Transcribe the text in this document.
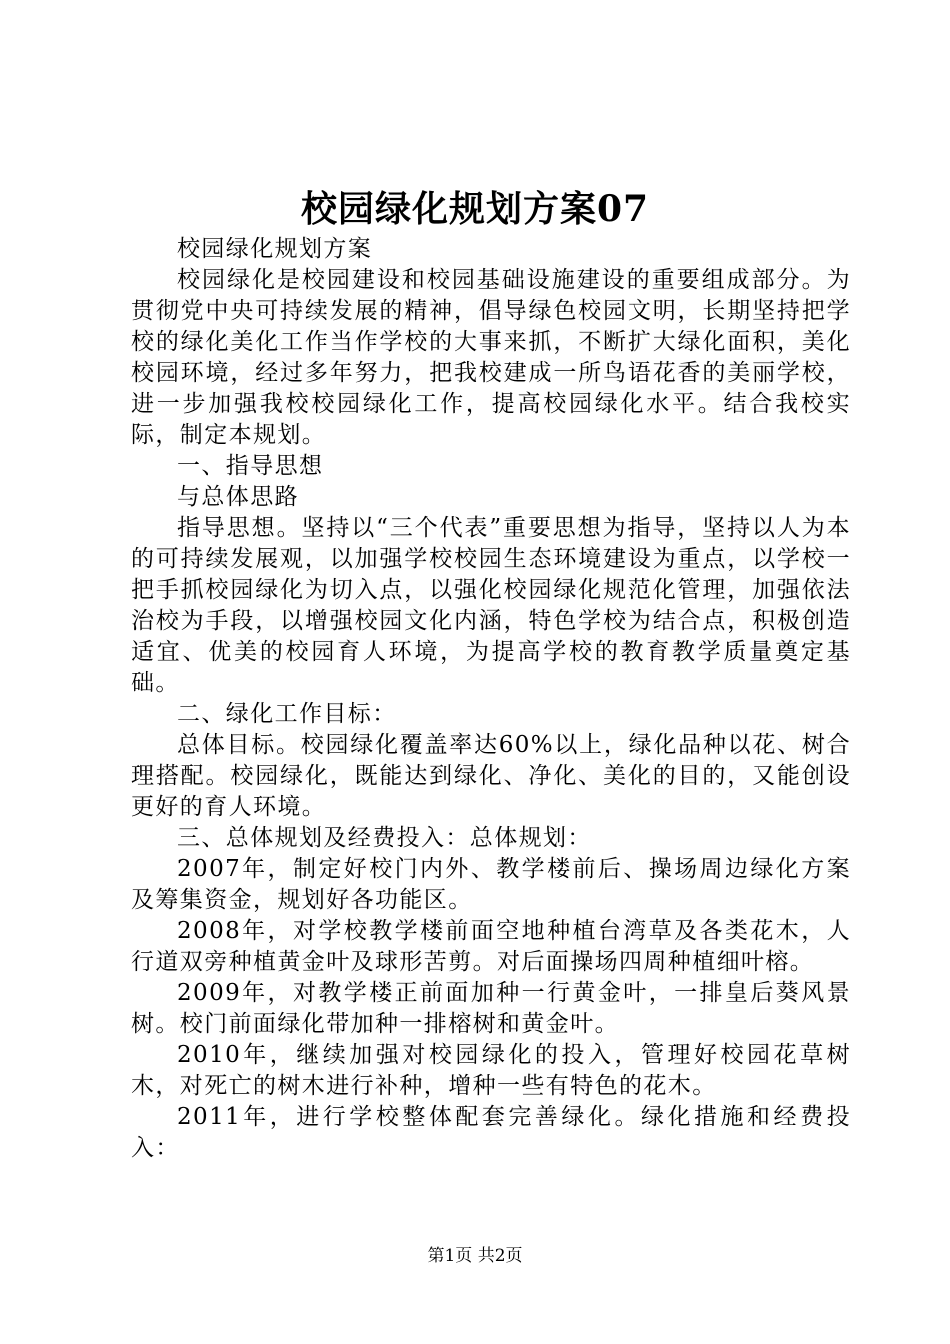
校园绿化规划方案07

校园绿化规划方案

校园绿化是校园建设和校园基础设施建设的重要组成部分。为贯彻党中央可持续发展的精神，倡导绿色校园文明，长期坚持把学校的绿化美化工作当作学校的大事来抓，不断扩大绿化面积，美化校园环境，经过多年努力，把我校建成一所鸟语花香的美丽学校，进一步加强我校校园绿化工作，提高校园绿化水平。结合我校实际，制定本规划。

一、指导思想

与总体思路

指导思想。坚持以“三个代表”重要思想为指导，坚持以人为本的可持续发展观，以加强学校校园生态环境建设为重点，以学校一把手抓校园绿化为切入点，以强化校园绿化规范化管理，加强依法治校为手段，以增强校园文化内涵，特色学校为结合点，积极创造适宜、优美的校园育人环境，为提高学校的教育教学质量奠定基础。

二、绿化工作目标：

总体目标。校园绿化覆盖率达60%以上，绿化品种以花、树合理搭配。校园绿化，既能达到绿化、净化、美化的目的，又能创设更好的育人环境。

三、总体规划及经费投入：总体规划：

2007年，制定好校门内外、教学楼前后、操场周边绿化方案及筹集资金，规划好各功能区。

2008年，对学校教学楼前面空地种植台湾草及各类花木，人行道双旁种植黄金叶及球形苦剪。对后面操场四周种植细叶榕。

2009年，对教学楼正前面加种一行黄金叶，一排皇后葵风景树。校门前面绿化带加种一排榕树和黄金叶。

2010年，继续加强对校园绿化的投入，管理好校园花草树木，对死亡的树木进行补种，增种一些有特色的花木。

2011年，进行学校整体配套完善绿化。绿化措施和经费投入：

第1页 共2页
